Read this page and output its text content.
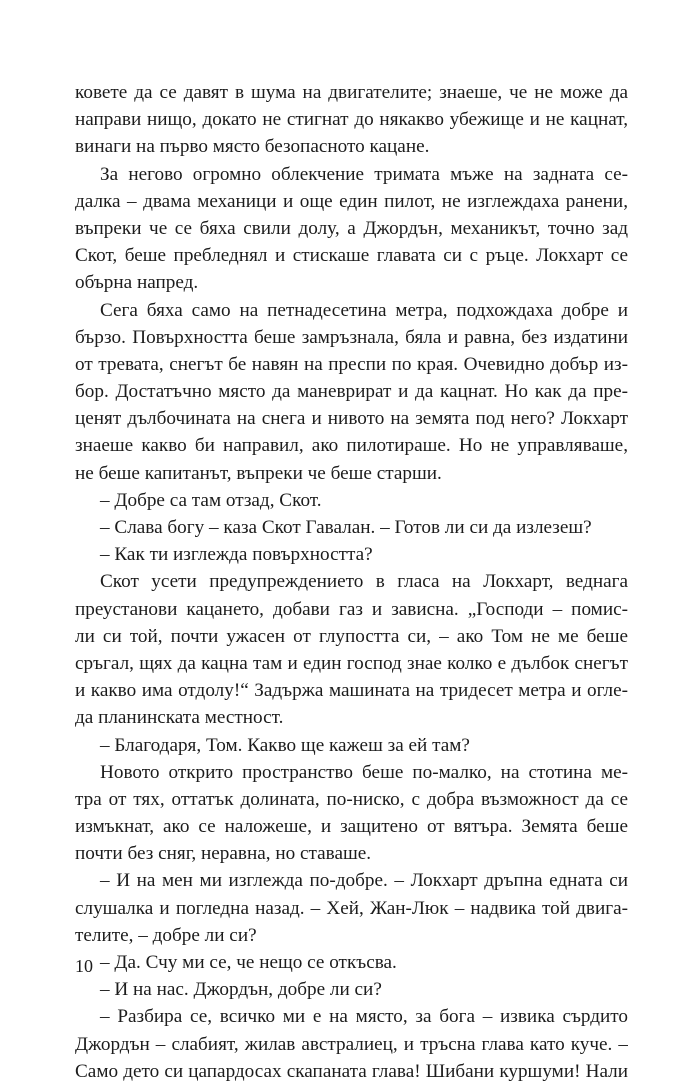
ковете да се давят в шума на двигателите; знаеше, че не може да
направи нищо, докато не стигнат до някакво убежище и не кацнат,
винаги на първо място безопасното кацане.
За негово огромно облекчение тримата мъже на задната се-
далка – двама механици и още един пилот, не изглеждаха ранени,
въпреки че се бяха свили долу, а Джордън, механикът, точно зад
Скот, беше пребледнял и стискаше главата си с ръце. Локхарт се
обърна напред.
Сега бяха само на петнадесетина метра, подхождаха добре и
бързо. Повърхността беше замръзнала, бяла и равна, без издатини
от тревата, снегът бе навян на преспи по края. Очевидно добър из-
бор. Достатъчно място да маневрират и да кацнат. Но как да пре-
ценят дълбочината на снега и нивото на земята под него? Локхарт
знаеше какво би направил, ако пилотираше. Но не управляваше,
не беше капитанът, въпреки че беше старши.
– Добре са там отзад, Скот.
– Слава богу – каза Скот Гавалан. – Готов ли си да излезеш?
– Как ти изглежда повърхността?
Скот усети предупреждението в гласа на Локхарт, веднага
преустанови кацането, добави газ и зависна. „Господи – помис-
ли си той, почти ужасен от глупостта си, – ако Том не ме беше
сръгал, щях да кацна там и един господ знае колко е дълбок снегът
и какво има отдолу!“ Задържа машината на тридесет метра и огле-
да планинската местност.
– Благодаря, Том. Какво ще кажеш за ей там?
Новото открито пространство беше по-малко, на стотина ме-
тра от тях, оттатък долината, по-ниско, с добра възможност да се
измъкнат, ако се наложеше, и защитено от вятъра. Земята беше
почти без сняг, неравна, но ставаше.
– И на мен ми изглежда по-добре. – Локхарт дръпна едната си
слушалка и погледна назад. – Хей, Жан-Люк – надвика той двига-
телите, – добре ли си?
– Да. Счу ми се, че нещо се откъсва.
– И на нас. Джордън, добре ли си?
– Разбира се, всичко ми е на място, за бога – извика сърдито
Джордън – слабият, жилав австралиец, и тръсна глава като куче. –
Само дето си цапардосах скапаната глава! Шибани куршуми! Нали
10
